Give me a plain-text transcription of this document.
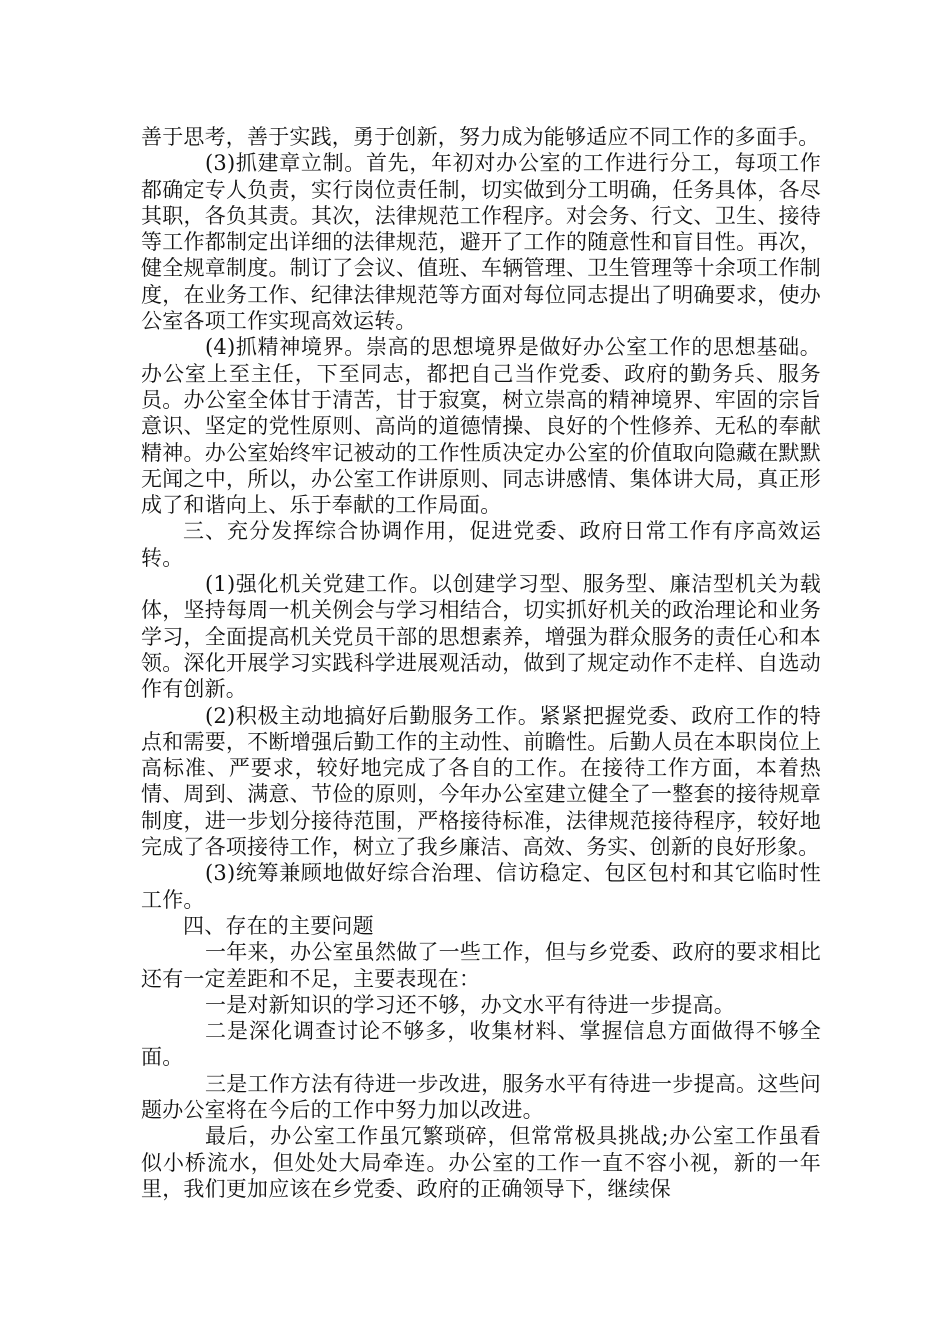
善于思考，善于实践，勇于创新，努力成为能够适应不同工作的多面手。

(3)抓建章立制。首先，年初对办公室的工作进行分工，每项工作都确定专人负责，实行岗位责任制，切实做到分工明确，任务具体，各尽其职，各负其责。其次，法律规范工作程序。对会务、行文、卫生、接待等工作都制定出详细的法律规范，避开了工作的随意性和盲目性。再次，健全规章制度。制订了会议、值班、车辆管理、卫生管理等十余项工作制度，在业务工作、纪律法律规范等方面对每位同志提出了明确要求，使办公室各项工作实现高效运转。

(4)抓精神境界。崇高的思想境界是做好办公室工作的思想基础。办公室上至主任，下至同志，都把自己当作党委、政府的勤务兵、服务员。办公室全体甘于清苦，甘于寂寞，树立崇高的精神境界、牢固的宗旨意识、坚定的党性原则、高尚的道德情操、良好的个性修养、无私的奉献精神。办公室始终牢记被动的工作性质决定办公室的价值取向隐藏在默默无闻之中，所以，办公室工作讲原则、同志讲感情、集体讲大局，真正形成了和谐向上、乐于奉献的工作局面。

三、充分发挥综合协调作用，促进党委、政府日常工作有序高效运转。

(1)强化机关党建工作。以创建学习型、服务型、廉洁型机关为载体，坚持每周一机关例会与学习相结合，切实抓好机关的政治理论和业务学习，全面提高机关党员干部的思想素养，增强为群众服务的责任心和本领。深化开展学习实践科学进展观活动，做到了规定动作不走样、自选动作有创新。

(2)积极主动地搞好后勤服务工作。紧紧把握党委、政府工作的特点和需要，不断增强后勤工作的主动性、前瞻性。后勤人员在本职岗位上高标准、严要求，较好地完成了各自的工作。在接待工作方面，本着热情、周到、满意、节俭的原则，今年办公室建立健全了一整套的接待规章制度，进一步划分接待范围，严格接待标准，法律规范接待程序，较好地完成了各项接待工作，树立了我乡廉洁、高效、务实、创新的良好形象。

(3)统筹兼顾地做好综合治理、信访稳定、包区包村和其它临时性工作。

四、存在的主要问题

一年来，办公室虽然做了一些工作，但与乡党委、政府的要求相比还有一定差距和不足，主要表现在：

一是对新知识的学习还不够，办文水平有待进一步提高。

二是深化调查讨论不够多，收集材料、掌握信息方面做得不够全面。

三是工作方法有待进一步改进，服务水平有待进一步提高。这些问题办公室将在今后的工作中努力加以改进。

最后，办公室工作虽冗繁琐碎，但常常极具挑战;办公室工作虽看似小桥流水，但处处大局牵连。办公室的工作一直不容小视，新的一年里，我们更加应该在乡党委、政府的正确领导下，继续保
